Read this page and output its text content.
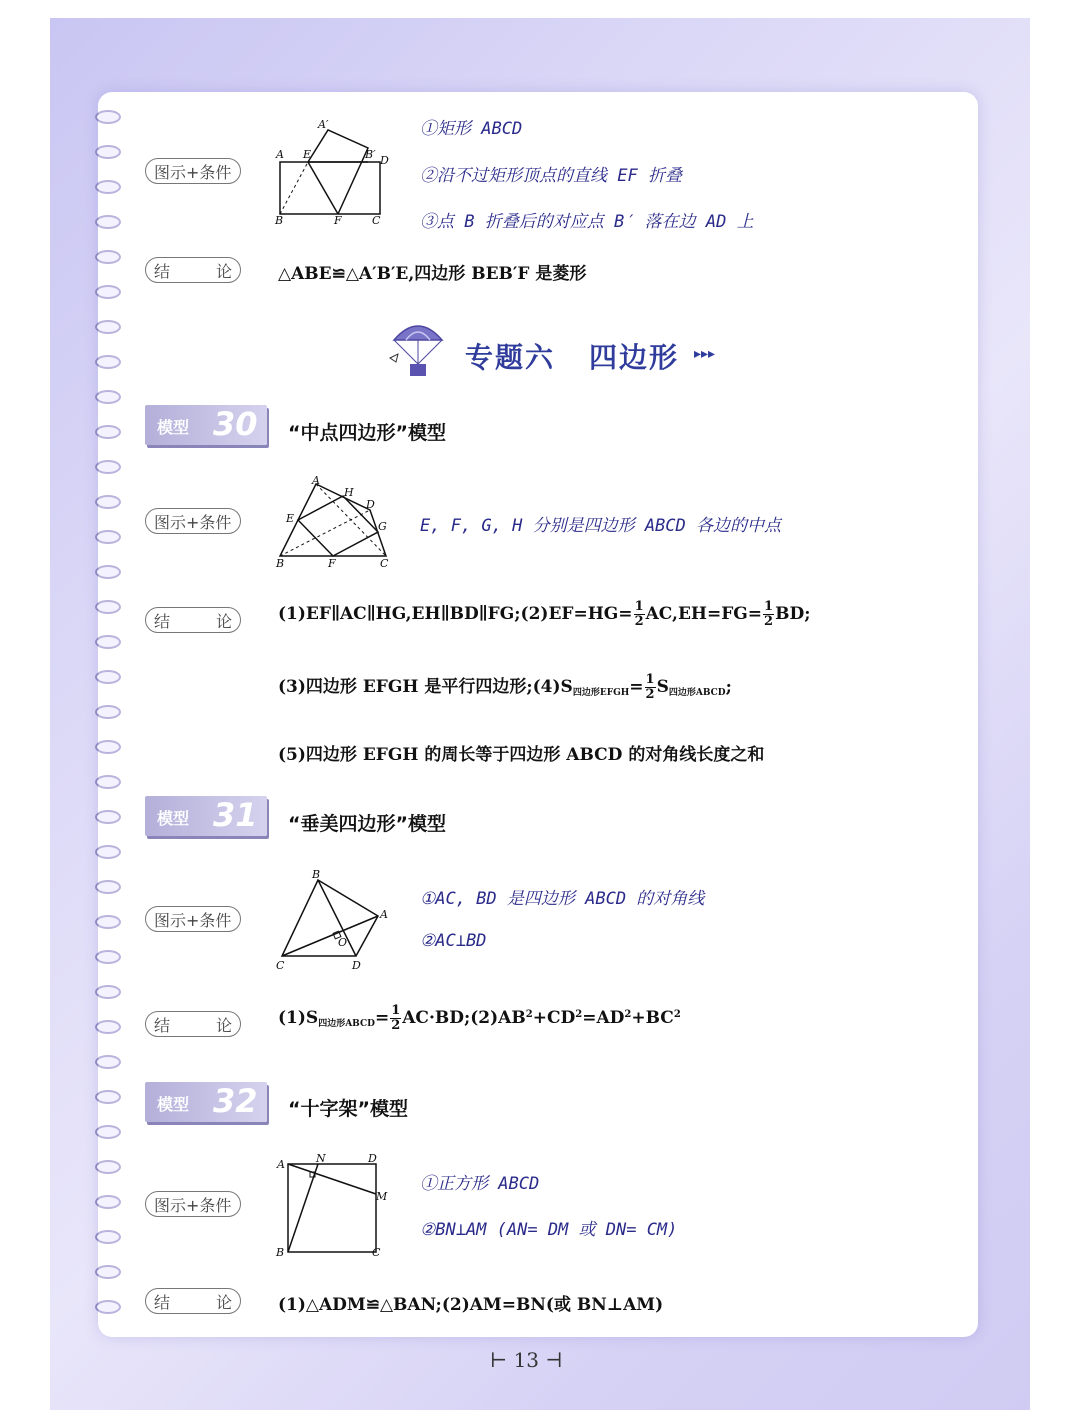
A′
A E	B′ D
B	F	C
图示+条件
①矩形 ABCD
②沿不过矩形顶点的直线 EF 折叠
③点 B 折叠后的对应点 B′ 落在边 AD 上
结	论	△ABE≌△A′B′E,四边形 BEB′F 是菱形
专题六 四边形 ▸▸▸
模型 30 “中点四边形”模型
A
H
D
E
G
B	F	C
图示+条件	E, F, G, H 分别是四边形 ABCD 各边的中点
结	论	(1)EF∥AC∥HG,EH∥BD∥FG;(2)EF=HG= $\frac{1}{2} AC,EH=FG= \frac{1}{2}$ BD;
(3)四边形 EFGH 是平行四边形$;(4)S_{四边形EFGH}= \frac{1}{2} S_{四边形ABCD}$;
(5)四边形 EFGH 的周长等于四边形 ABCD 的对角线长度之和
模型 31 “垂美四边形”模型
B
A
O
C	D
图示+条件
①AC, BD 是四边形 ABCD 的对角线
②AC⊥BD
结	论	$(1)S_{四边形ABCD}= \frac{1}{2}$ $AC\cdot BD;(2)AB^2+CD^2=AD^2+BC^2$
模型 32 “十字架”模型
A	N	D
M
B	C
图示+条件
①正方形 ABCD
②BN⊥AM (AN= DM 或 DN= CM)
结	论	(1)△ADM≌△BAN;(2)AM=BN(或 BN⊥AM)
⊢ 13 ⊣
